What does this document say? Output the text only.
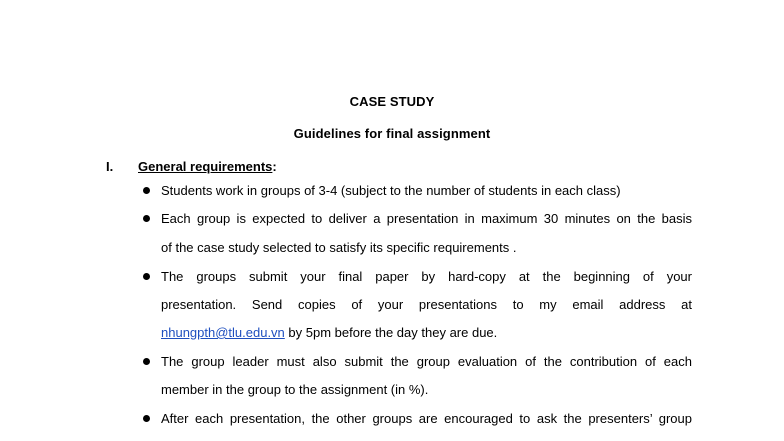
CASE STUDY
Guidelines for final assignment
I. General requirements:
Students work in groups of 3-4 (subject to the number of students in each class)
Each group is expected to deliver a presentation in maximum 30 minutes on the basis
of the case study selected to satisfy its specific requirements .
The groups submit your final paper by hard-copy at the beginning of your
presentation. Send copies of your presentations to my email address at
nhungpth@tlu.edu.vn by 5pm before the day they are due.
The group leader must also submit the group evaluation of the contribution of each
member in the group to the assignment (in %).
After each presentation, the other groups are encouraged to ask the presenters’ group
